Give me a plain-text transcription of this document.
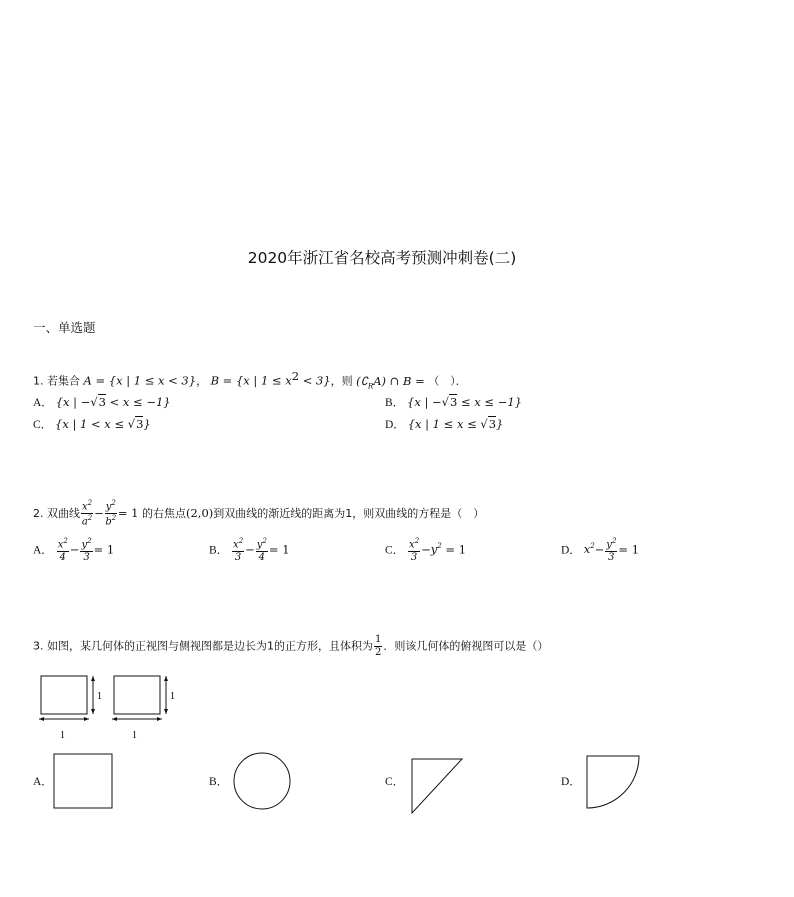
2020年浙江省名校高考预测冲刺卷(二)
一、单选题
1. 若集合 A = {x | 1 ≤ x < 3}， B = {x | $1 \le x^2 < 3$}，则 $(∁_RA)$ ∩ B = （　）．
A． {x | −√3 < x ≤ −1}	B． {x | −√3 ≤ x ≤ −1}
C． {x | 1 < x ≤ √3}	D． {x | 1 ≤ x ≤ √3}
2. 双曲线 $\frac{x^2}{a^2} - \frac{y^2}{b^2} = 1$ 的右焦点(2,0)到双曲线的渐近线的距离为1，则双曲线的方程是（　）
A． $\frac{x^2}{4} - \frac{y^2}{3} = 1$	B． $\frac{x^2}{3} - \frac{y^2}{4} = 1$	C． $\frac{x^2}{3} -y^2 = 1$	D． $x^2- \frac{y^2}{3} = 1$
3. 如图，某几何体的正视图与侧视图都是边长为1的正方形，且体积为 $\frac{1}{2}$ ．则该几何体的俯视图可以是（）
1	1
1	1
A．	B．	C．	D．
